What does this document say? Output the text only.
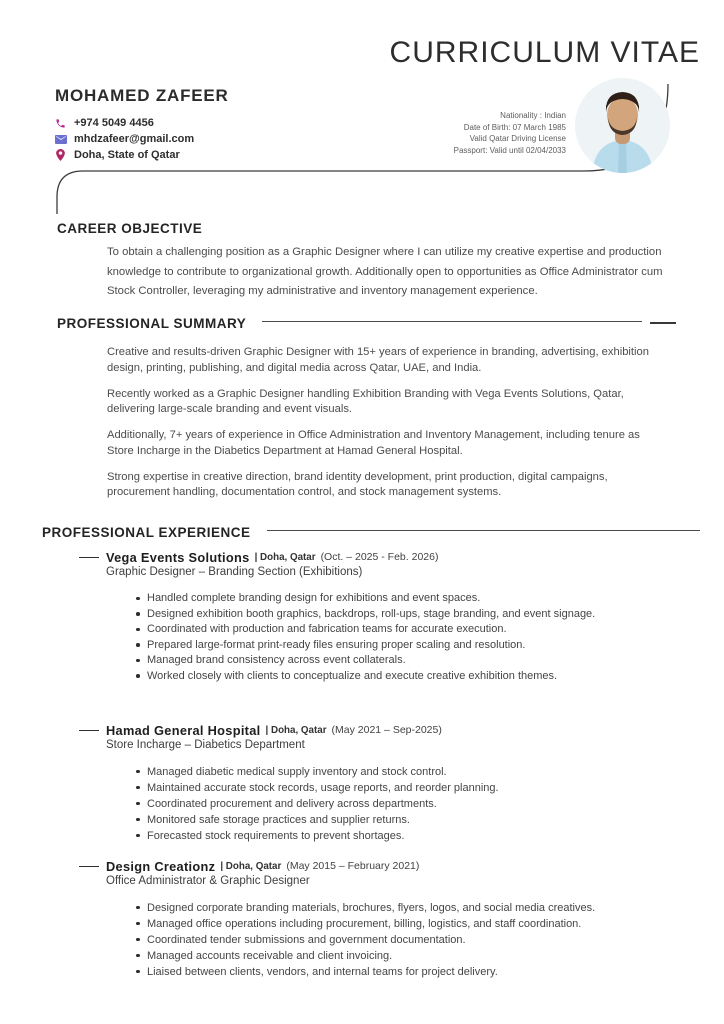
CURRICULUM VITAE
MOHAMED ZAFEER
+974 5049 4456
mhdzafeer@gmail.com
Doha, State of Qatar
Nationality : Indian
Date of Birth: 07 March 1985
Valid Qatar Driving License
Passport: Valid until 02/04/2033
CAREER OBJECTIVE
To obtain a challenging position as a Graphic Designer where I can utilize my creative expertise and production knowledge to contribute to organizational growth. Additionally open to opportunities as Office Administrator cum Stock Controller, leveraging my administrative and inventory management experience.
PROFESSIONAL SUMMARY

Creative and results-driven Graphic Designer with 15+ years of experience in branding, advertising, exhibition design, printing, publishing, and digital media across Qatar, UAE, and India.

Recently worked as a Graphic Designer handling Exhibition Branding with Vega Events Solutions, Qatar, delivering large-scale branding and event visuals.

Additionally, 7+ years of experience in Office Administration and Inventory Management, including tenure as Store Incharge in the Diabetics Department at Hamad General Hospital.

Strong expertise in creative direction, brand identity development, print production, digital campaigns, procurement handling, documentation control, and stock management systems.

PROFESSIONAL EXPERIENCE
Vega Events Solutions | Doha, Qatar (Oct. – 2025 - Feb. 2026)
Graphic Designer – Branding Section (Exhibitions)
Handled complete branding design for exhibitions and event spaces.
Designed exhibition booth graphics, backdrops, roll-ups, stage branding, and event signage.
Coordinated with production and fabrication teams for accurate execution.
Prepared large-format print-ready files ensuring proper scaling and resolution.
Managed brand consistency across event collaterals.
Worked closely with clients to conceptualize and execute creative exhibition themes.
Hamad General Hospital | Doha, Qatar (May 2021 – Sep-2025)
Store Incharge – Diabetics Department
Managed diabetic medical supply inventory and stock control.
Maintained accurate stock records, usage reports, and reorder planning.
Coordinated procurement and delivery across departments.
Monitored safe storage practices and supplier returns.
Forecasted stock requirements to prevent shortages.
Design Creationz | Doha, Qatar (May 2015 – February 2021)
Office Administrator & Graphic Designer
Designed corporate branding materials, brochures, flyers, logos, and social media creatives.
Managed office operations including procurement, billing, logistics, and staff coordination.
Coordinated tender submissions and government documentation.
Managed accounts receivable and client invoicing.
Liaised between clients, vendors, and internal teams for project delivery.
